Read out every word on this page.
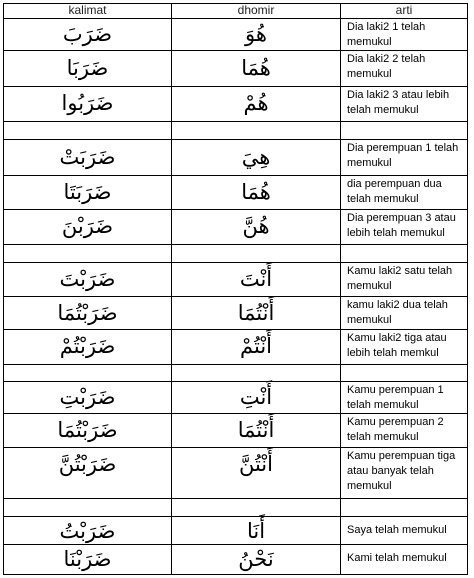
kalimat	dhomir	arti
ضَرَبَ	هُوَ	Dia laki2 1 telah
memukul
ضَرَبَا	هُمَا	Dia laki2 2 telah
memukul
ضَرَبُوا	هُمْ	Dia laki2 3 atau lebih
telah memukul
ضَرَبَتْ	هِيَ	Dia perempuan 1 telah
memukul
ضَرَبَتَا	هُمَا	dia perempuan dua
telah memukul
ضَرَبْنَ	هُنَّ	Dia perempuan 3 atau
lebih telah memukul
ضَرَبْتَ	أَنْتَ	Kamu laki2 satu telah
memukul
ضَرَبْتُمَا	أَنْتُمَا	kamu laki2 dua telah
memukul
ضَرَبْتُمْ	أَنْتُمْ	Kamu laki2 tiga atau
lebih telah memkul
ضَرَبْتِ	أَنْتِ	Kamu perempuan 1
telah memukul
ضَرَبْتُمَا	أَنْتُمَا	Kamu perempuan 2
telah memukul
ضَرَبْتُنَّ	أَنْتُنَّ	Kamu perempuan tiga
atau banyak telah
memukul
ضَرَبْتُ	أَنَا	Saya telah memukul
ضَرَبْنَا	نَحْنُ	Kami telah memukul
